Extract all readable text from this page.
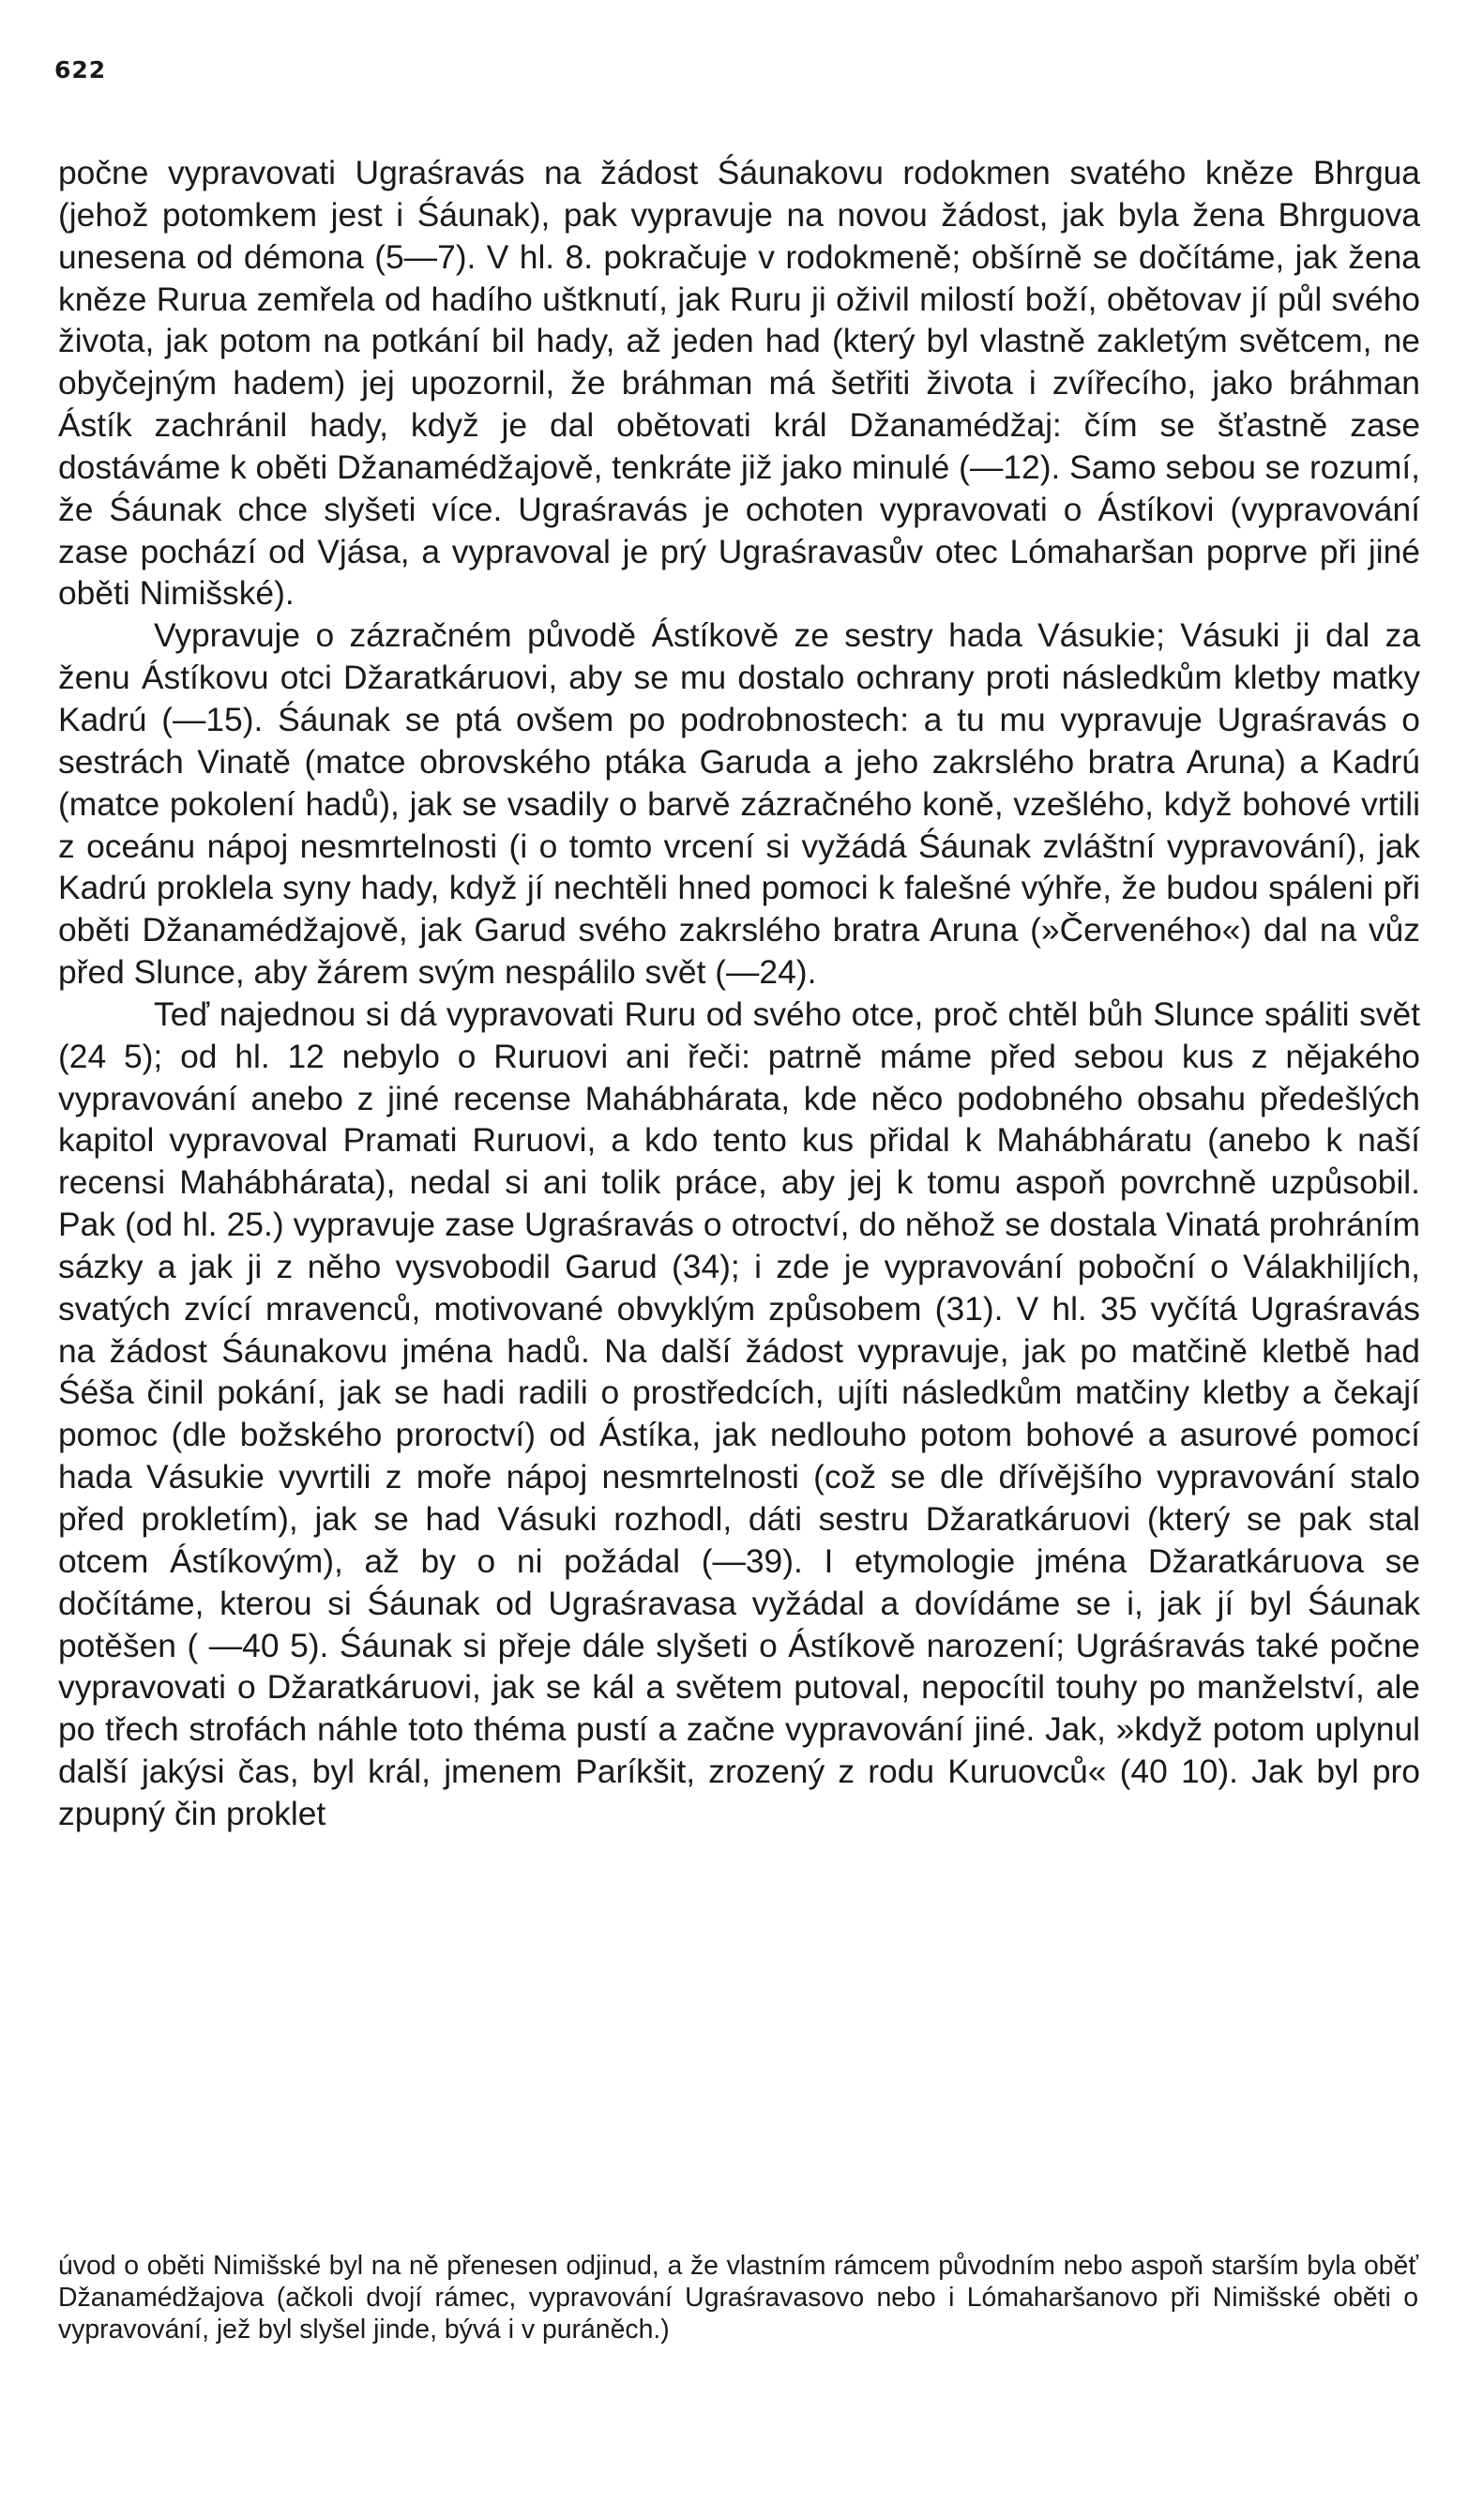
622

počne vypravovati Ugraśravás na žádost Śáunakovu rodokmen svatého kněze Bhrgua (jehož potomkem jest i Śáunak), pak vypravuje na novou žádost, jak byla žena Bhrguova unesena od démona (5—7). V hl. 8. pokračuje v rodokmeně; obšírně se dočítáme, jak žena kněze Rurua zemřela od hadího uštknutí, jak Ruru ji oživil milostí boží, obětovav jí půl svého života, jak potom na potkání bil hady, až jeden had (který byl vlastně zakletým světcem, ne obyčejným hadem) jej upozornil, že bráhman má šetřiti života i zvířecího, jako bráhman Ástík zachránil hady, když je dal obětovati král Džanamédžaj: čím se šťastně zase dostáváme k oběti Džanamédžajově, tenkráte již jako minulé (—12). Samo sebou se rozumí, že Śáunak chce slyšeti více. Ugraśravás je ochoten vypravovati o Ástíkovi (vypravování zase pochází od Vjása, a vypravoval je prý Ugraśravasův otec Lómaharšan poprve při jiné oběti Nimišské).

Vypravuje o zázračném původě Ástíkově ze sestry hada Vásukie; Vásuki ji dal za ženu Ástíkovu otci Džaratkáruovi, aby se mu dostalo ochrany proti následkům kletby matky Kadrú (—15). Śáunak se ptá ovšem po podrobnostech: a tu mu vypravuje Ugraśravás o sestrách Vinatě (matce obrovského ptáka Garuda a jeho zakrslého bratra Aruna) a Kadrú (matce pokolení hadů), jak se vsadily o barvě zázračného koně, vzešlého, když bohové vrtili z oceánu nápoj nesmrtelnosti (i o tomto vrcení si vyžádá Śáunak zvláštní vypravování), jak Kadrú proklela syny hady, když jí nechtěli hned pomoci k falešné výhře, že budou spáleni při oběti Džanamédžajově, jak Garud svého zakrslého bratra Aruna (»Červeného«) dal na vůz před Slunce, aby žárem svým nespálilo svět (—24).

Teď najednou si dá vypravovati Ruru od svého otce, proč chtěl bůh Slunce spáliti svět (24 5); od hl. 12 nebylo o Ruruovi ani řeči: patrně máme před sebou kus z nějakého vypravování anebo z jiné recense Mahábhárata, kde něco podobného obsahu předešlých kapitol vypravoval Pramati Ruruovi, a kdo tento kus přidal k Mahábháratu (anebo k naší recensi Mahábhárata), nedal si ani tolik práce, aby jej k tomu aspoň povrchně uzpůsobil. Pak (od hl. 25.) vypravuje zase Ugraśravás o otroctví, do něhož se dostala Vinatá prohráním sázky a jak ji z něho vysvobodil Garud (34); i zde je vypravování poboční o Válakhiljích, svatých zvící mravenců, motivované obvyklým způsobem (31). V hl. 35 vyčítá Ugraśravás na žádost Śáunakovu jména hadů. Na další žádost vypravuje, jak po matčině kletbě had Śéša činil pokání, jak se hadi radili o prostředcích, ujíti následkům matčiny kletby a čekají pomoc (dle božského proroctví) od Ástíka, jak nedlouho potom bohové a asurové pomocí hada Vásukie vyvrtili z moře nápoj nesmrtelnosti (což se dle dřívějšího vypravování stalo před prokletím), jak se had Vásuki rozhodl, dáti sestru Džaratkáruovi (který se pak stal otcem Ástíkovým), až by o ni požádal (—39). I etymologie jména Džaratkáruova se dočítáme, kterou si Śáunak od Ugraśravasa vyžádal a dovídáme se i, jak jí byl Śáunak potěšen ( —40 5). Śáunak si přeje dále slyšeti o Ástíkově narození; Ugráśravás také počne vypravovati o Džaratkáruovi, jak se kál a světem putoval, nepocítil touhy po manželství, ale po třech strofách náhle toto théma pustí a začne vypravování jiné. Jak, »když potom uplynul další jakýsi čas, byl král, jmenem Paríkšit, zrozený z rodu Kuruovců« (40 10). Jak byl pro zpupný čin proklet

úvod o oběti Nimišské byl na ně přenesen odjinud, a že vlastním rámcem původním nebo aspoň starším byla oběť Džanamédžajova (ačkoli dvojí rámec, vypravování Ugraśravasovo nebo i Lómaharšanovo při Nimišské oběti o vypravování, jež byl slyšel jinde, bývá i v puráněch.)
